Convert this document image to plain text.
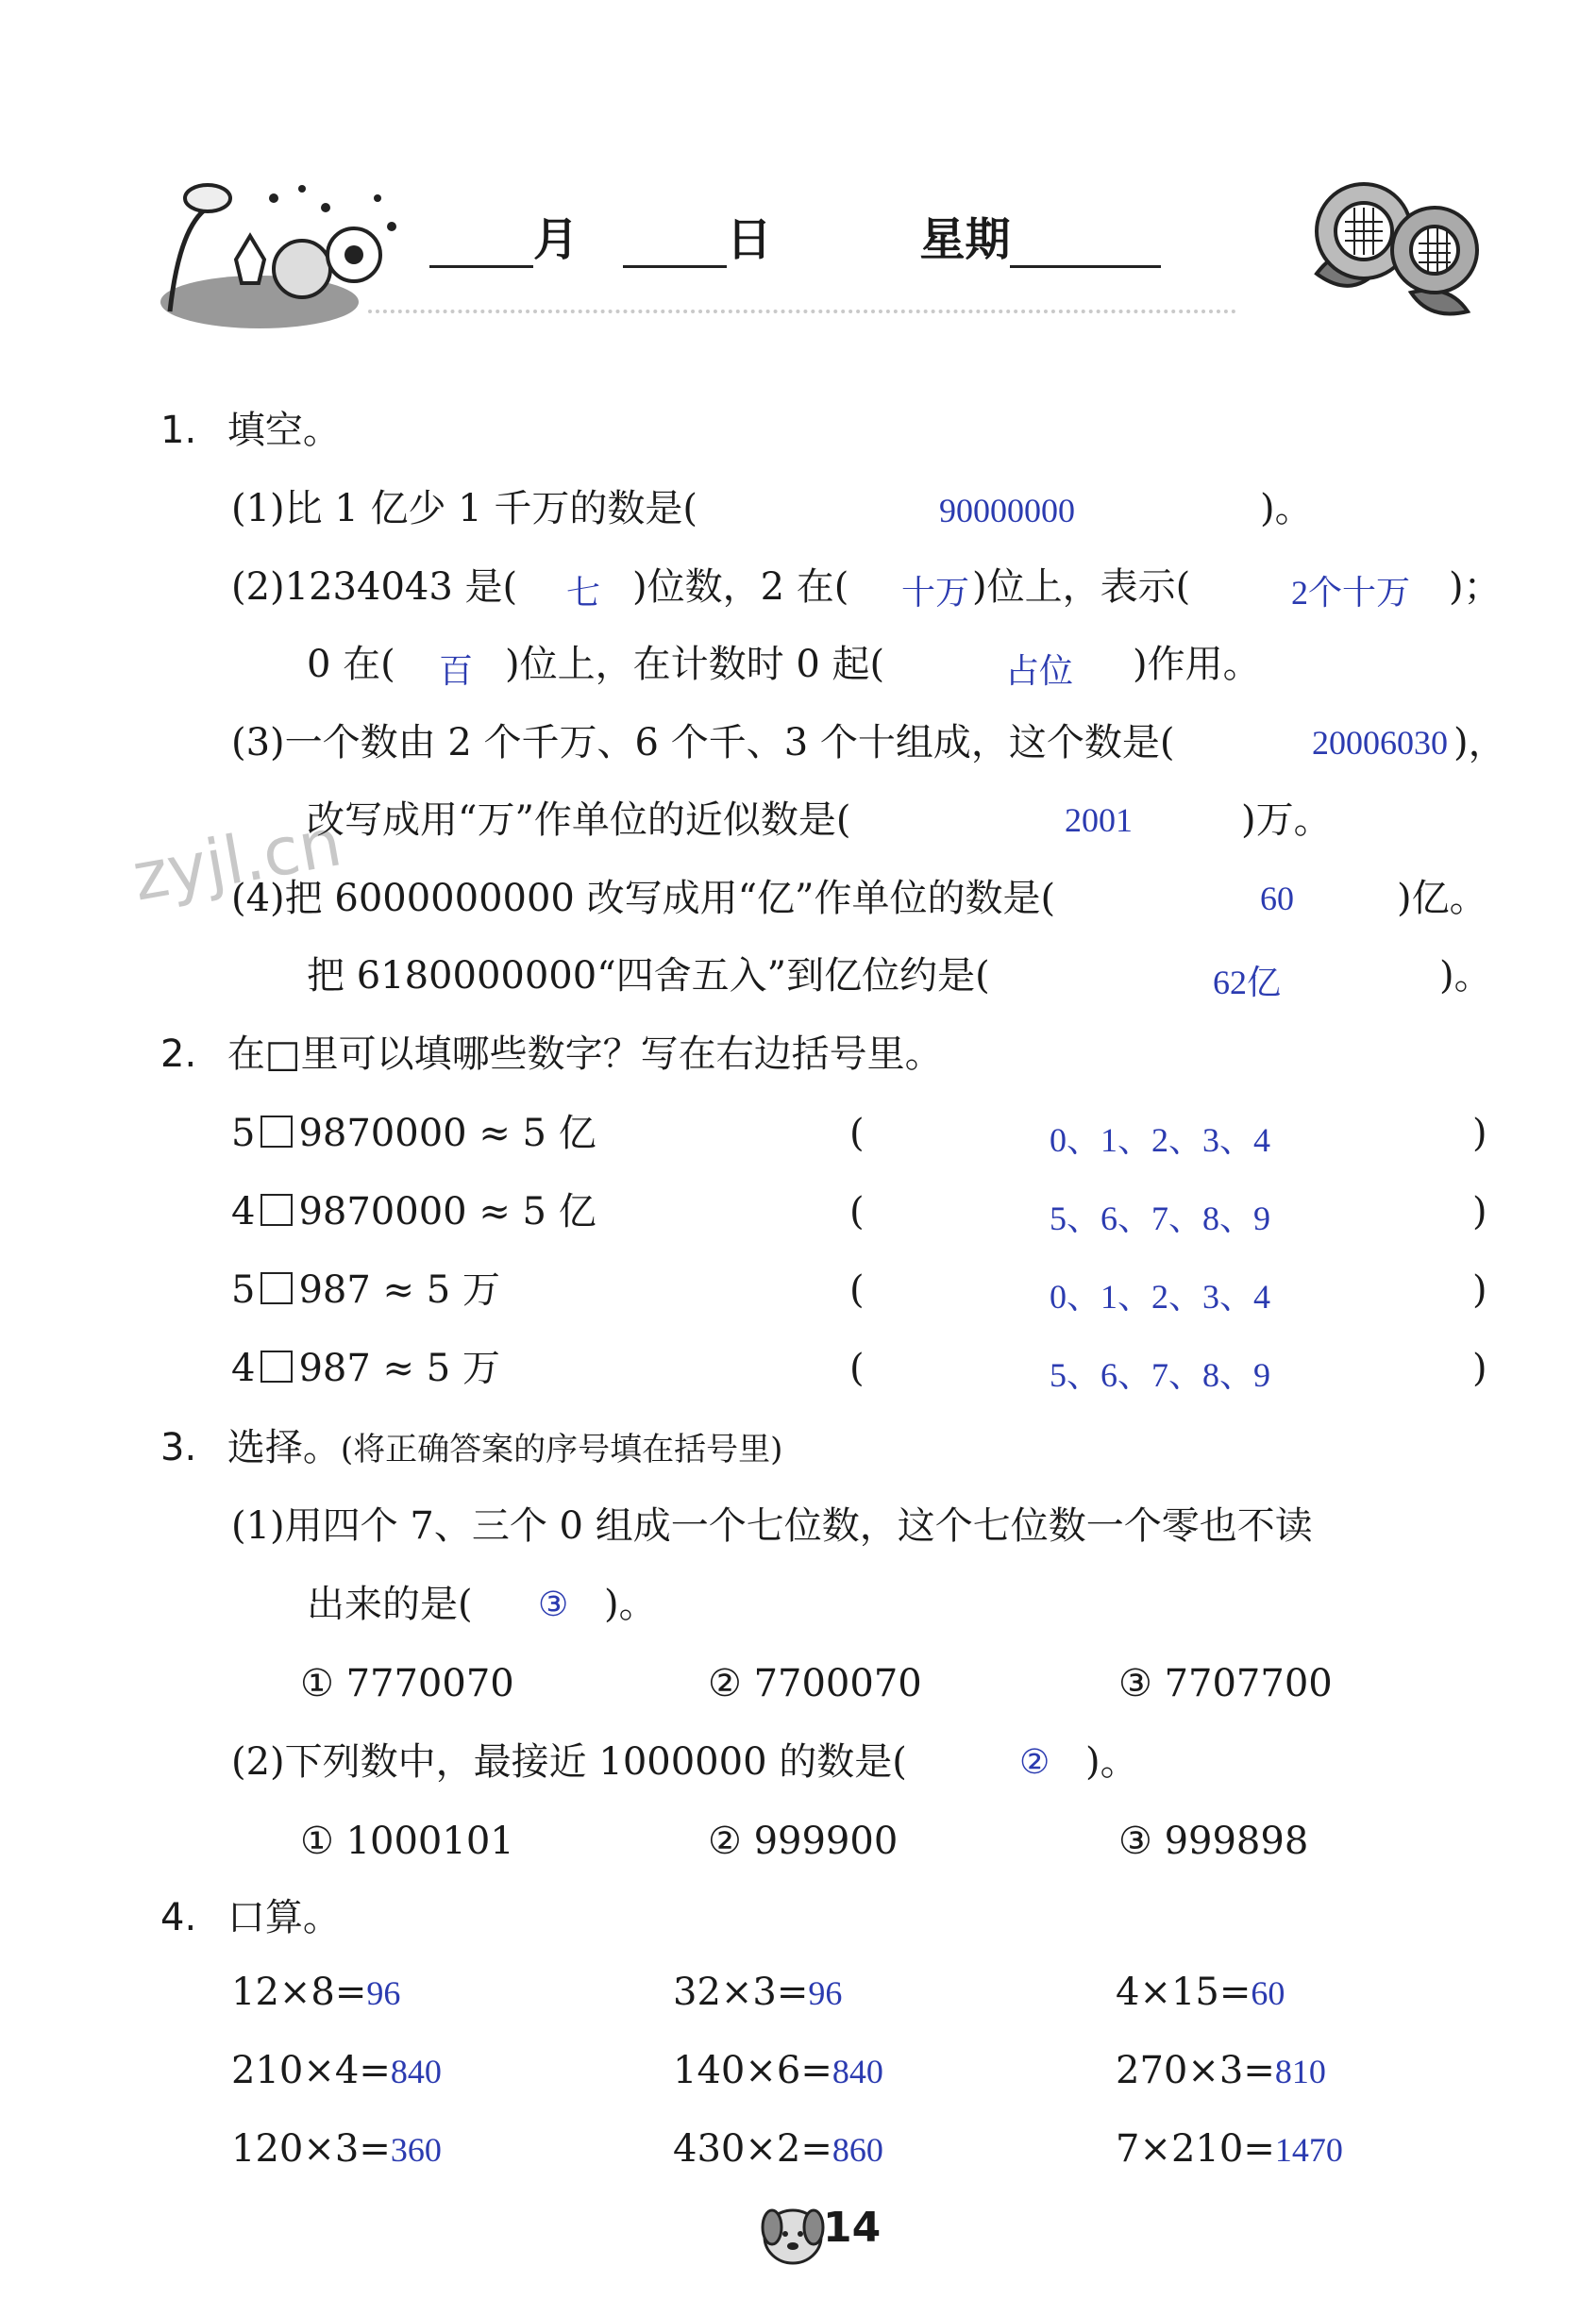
月	日	星期
zyjl.cn
1. 填空。
(1)比 1 亿少 1 千万的数是(	90000000	)。
(2)1234043 是( 七 )位数，2 在( 十万 )位上，表示(	2个十万 )；
0 在( 百 )位上，在计数时 0 起(	占位 )作用。
(3)一个数由 2 个千万、6 个千、3 个十组成，这个数是(	20006030 )，
改写成用“万”作单位的近似数是(	2001	)万。
(4)把 6000000000 改写成用“亿”作单位的数是(	60	)亿。
把 6180000000“四舍五入”到亿位约是(	62亿	)。
2. 在□里可以填哪些数字？写在右边括号里。
5 9870000 ≈ 5 亿	(	0、1、2、3、4	)
4 9870000 ≈ 5 亿	(	5、6、7、8、9	)
5 987 ≈ 5 万	(	0、1、2、3、4	)
4 987 ≈ 5 万	(	5、6、7、8、9	)
3. 选择。(将正确答案的序号填在括号里)
(1)用四个 7、三个 0 组成一个七位数，这个七位数一个零也不读
出来的是( ③ )。
① 7770070	② 7700070	③ 7707700
(2)下列数中，最接近 1000000 的数是(	② )。
① 1000101	② 999900	③ 999898
4. 口算。
12×8=96	32×3=96	4×15=60
210×4=840	140×6=840	270×3=810
120×3=360	430×2=860	7×210=1470
14
